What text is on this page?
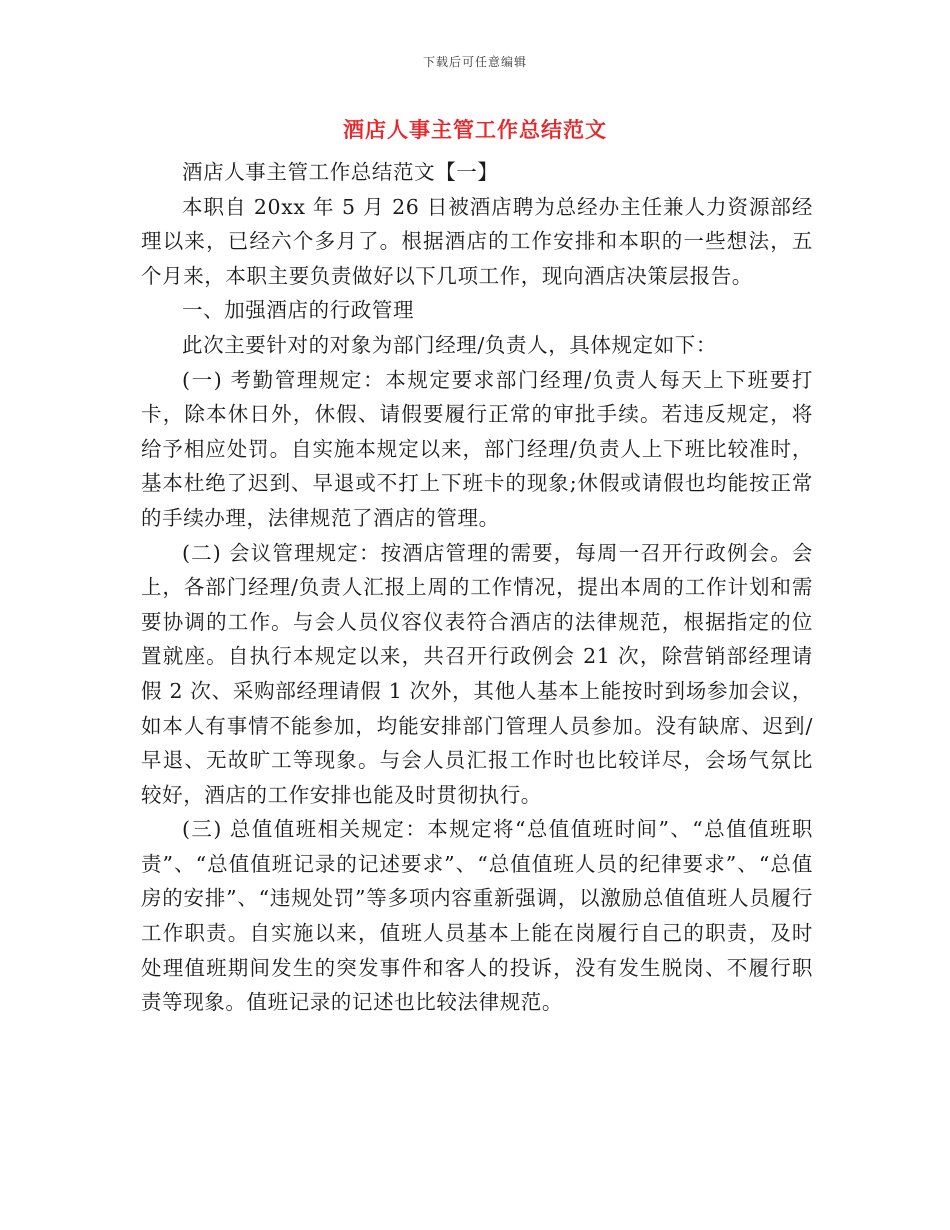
下载后可任意编辑
酒店人事主管工作总结范文

酒店人事主管工作总结范文【一】

本职自 20xx 年 5 月 26 日被酒店聘为总经办主任兼人力资源部经理以来，已经六个多月了。根据酒店的工作安排和本职的一些想法，五个月来，本职主要负责做好以下几项工作，现向酒店决策层报告。

一、加强酒店的行政管理

此次主要针对的对象为部门经理/负责人，具体规定如下：

(一) 考勤管理规定：本规定要求部门经理/负责人每天上下班要打卡，除本休日外，休假、请假要履行正常的审批手续。若违反规定，将给予相应处罚。自实施本规定以来，部门经理/负责人上下班比较准时，基本杜绝了迟到、早退或不打上下班卡的现象;休假或请假也均能按正常的手续办理，法律规范了酒店的管理。

(二) 会议管理规定：按酒店管理的需要，每周一召开行政例会。会上，各部门经理/负责人汇报上周的工作情况，提出本周的工作计划和需要协调的工作。与会人员仪容仪表符合酒店的法律规范，根据指定的位置就座。自执行本规定以来，共召开行政例会 21 次，除营销部经理请假 2 次、采购部经理请假 1 次外，其他人基本上能按时到场参加会议，如本人有事情不能参加，均能安排部门管理人员参加。没有缺席、迟到/早退、无故旷工等现象。与会人员汇报工作时也比较详尽，会场气氛比较好，酒店的工作安排也能及时贯彻执行。

(三) 总值值班相关规定：本规定将“总值值班时间”、“总值值班职责”、“总值值班记录的记述要求”、“总值值班人员的纪律要求”、“总值房的安排”、“违规处罚”等多项内容重新强调，以激励总值值班人员履行工作职责。自实施以来，值班人员基本上能在岗履行自己的职责，及时处理值班期间发生的突发事件和客人的投诉，没有发生脱岗、不履行职责等现象。值班记录的记述也比较法律规范。
